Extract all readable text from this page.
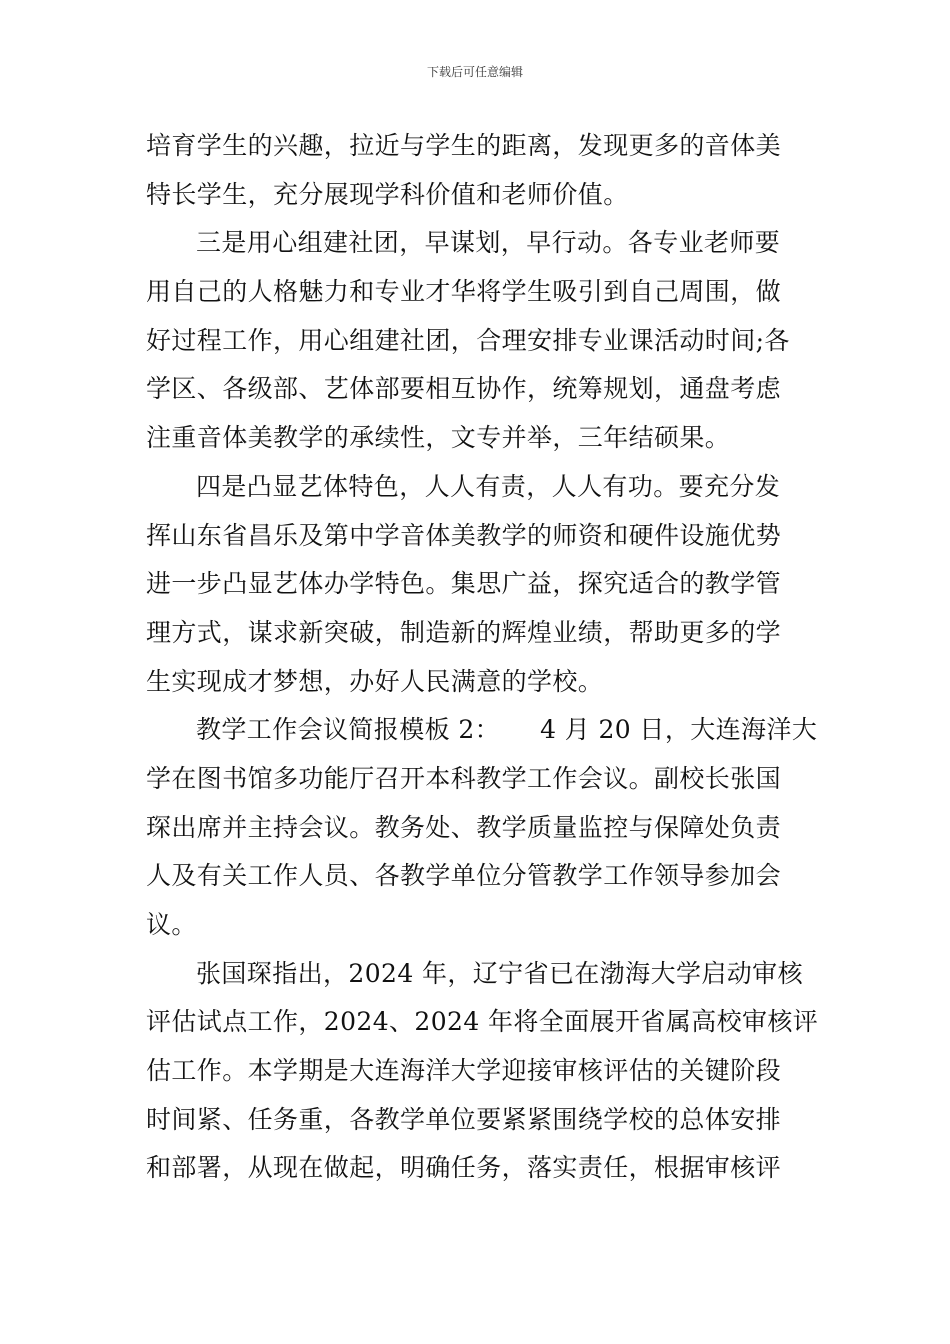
下载后可任意编辑
培育学生的兴趣，拉近与学生的距离，发现更多的音体美
特长学生，充分展现学科价值和老师价值。
三是用心组建社团，早谋划，早行动。各专业老师要
用自己的人格魅力和专业才华将学生吸引到自己周围，做
好过程工作，用心组建社团，合理安排专业课活动时间;各
学区、各级部、艺体部要相互协作，统筹规划，通盘考虑
注重音体美教学的承续性，文专并举，三年结硕果。
四是凸显艺体特色，人人有责，人人有功。要充分发
挥山东省昌乐及第中学音体美教学的师资和硬件设施优势
进一步凸显艺体办学特色。集思广益，探究适合的教学管
理方式，谋求新突破，制造新的辉煌业绩，帮助更多的学
生实现成才梦想，办好人民满意的学校。
教学工作会议简报模板 2： 4 月 20 日，大连海洋大
学在图书馆多功能厅召开本科教学工作会议。副校长张国
琛出席并主持会议。教务处、教学质量监控与保障处负责
人及有关工作人员、各教学单位分管教学工作领导参加会
议。
张国琛指出，2024 年，辽宁省已在渤海大学启动审核
评估试点工作，2024、2024 年将全面展开省属高校审核评
估工作。本学期是大连海洋大学迎接审核评估的关键阶段
时间紧、任务重，各教学单位要紧紧围绕学校的总体安排
和部署，从现在做起，明确任务，落实责任，根据审核评
